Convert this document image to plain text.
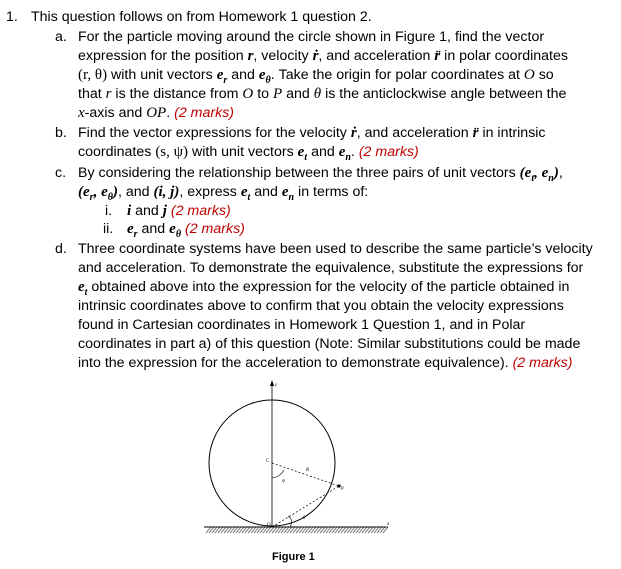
1. This question follows on from Homework 1 question 2.
a. For the particle moving around the circle shown in Figure 1, find the vector
expression for the position r, velocity ṙ, and acceleration r̈ in polar coordinates
(r, θ) with unit vectors $e_r$ and $e_\theta$. Take the origin for polar coordinates at O so
that r is the distance from O to P and θ is the anticlockwise angle between the
x-axis and OP. (2 marks)
b. Find the vector expressions for the velocity ṙ, and acceleration r̈ in intrinsic
coordinates (s, ψ) with unit vectors $e_t$ and $e_n$. (2 marks)
c. By considering the relationship between the three pairs of unit vectors ($e_t$, $e_n$),
($e_r$, $e_\theta$), and (i, j), express $e_t$ and $e_n$ in terms of:
i. i and j (2 marks)
ii. $e_r$ and $e_\theta$ (2 marks)
d. Three coordinate systems have been used to describe the same particle’s velocity
and acceleration. To demonstrate the equivalence, substitute the expressions for
$e_t$ obtained above into the expression for the velocity of the particle obtained in
intrinsic coordinates above to confirm that you obtain the velocity expressions
found in Cartesian coordinates in Homework 1 Question 1, and in Polar
coordinates in part a) of this question (Note: Similar substitutions could be made
into the expression for the acceleration to demonstrate equivalence). (2 marks)
y
x
C
R
P
O
ψ
θ
Figure 1
